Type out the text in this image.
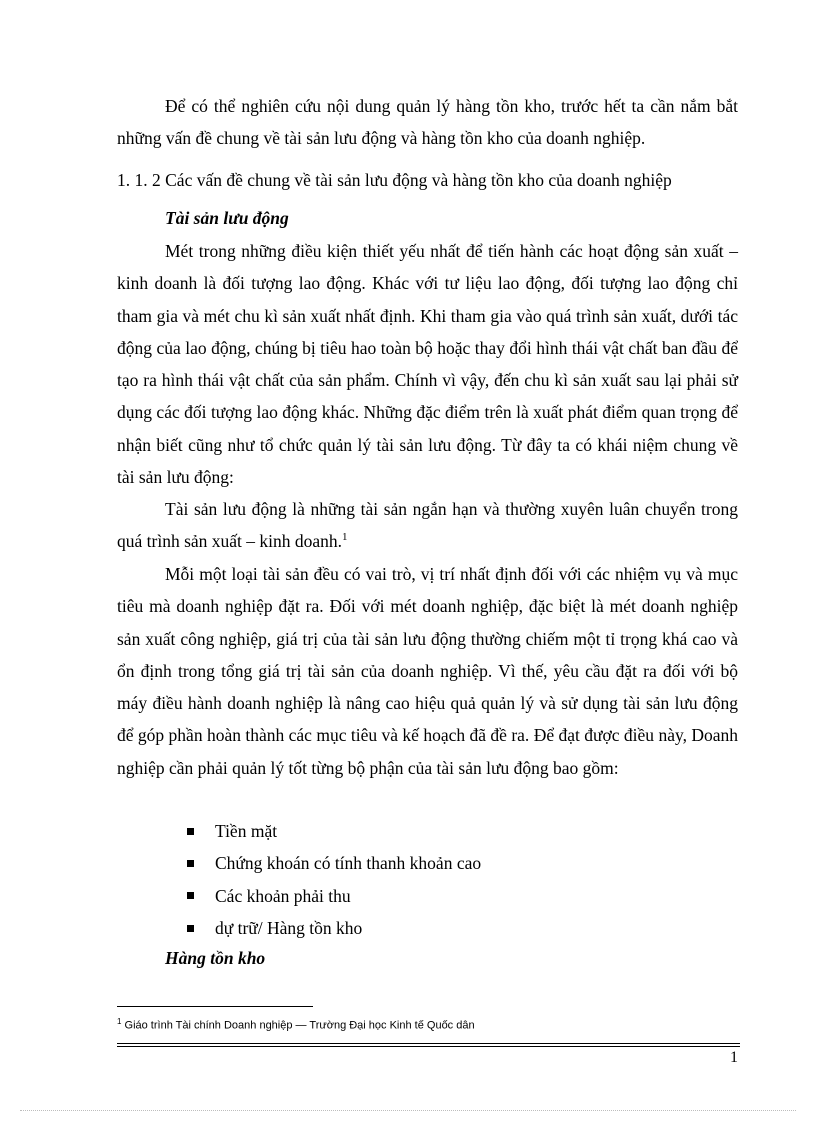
Để có thể nghiên cứu nội dung quản lý hàng tồn kho, trước hết ta cần nắm bắt những vấn đề chung về tài sản lưu động và hàng tồn kho của doanh nghiệp.

1. 1. 2 Các vấn đề chung về tài sản lưu động và hàng tồn kho của doanh nghiệp

Tài sản lưu động

Mét trong những điều kiện thiết yếu nhất để tiến hành các hoạt động sản xuất – kinh doanh là đối tượng lao động. Khác với tư liệu lao động, đối tượng lao động chỉ tham gia và mét chu kì sản xuất nhất định. Khi tham gia vào quá trình sản xuất, dưới tác động của lao động, chúng bị tiêu hao toàn bộ hoặc thay đổi hình thái vật chất ban đầu để tạo ra hình thái vật chất của sản phẩm. Chính vì vậy, đến chu kì sản xuất sau lại phải sử dụng các đối tượng lao động khác. Những đặc điểm trên là xuất phát điểm quan trọng để nhận biết cũng như tổ chức quản lý tài sản lưu động. Từ đây ta có khái niệm chung về tài sản lưu động:

Tài sản lưu động là những tài sản ngắn hạn và thường xuyên luân chuyển trong quá trình sản xuất – kinh doanh.$^1$

Mỗi một loại tài sản đều có vai trò, vị trí nhất định đối với các nhiệm vụ và mục tiêu mà doanh nghiệp đặt ra. Đối với mét doanh nghiệp, đặc biệt là mét doanh nghiệp sản xuất công nghiệp, giá trị của tài sản lưu động thường chiếm một tỉ trọng khá cao và ổn định trong tổng giá trị tài sản của doanh nghiệp. Vì thế, yêu cầu đặt ra đối với bộ máy điều hành doanh nghiệp là nâng cao hiệu quả quản lý và sử dụng tài sản lưu động để góp phần hoàn thành các mục tiêu và kế hoạch đã đề ra. Để đạt được điều này, Doanh nghiệp cần phải quản lý tốt từng bộ phận của tài sản lưu động bao gồm:

Tiền mặt
Chứng khoán có tính thanh khoản cao
Các khoản phải thu
dự trữ/ Hàng tồn kho

Hàng tồn kho

$^1$ Giáo trình Tài chính Doanh nghiệp — Trường Đại học Kinh tế Quốc dân
1
